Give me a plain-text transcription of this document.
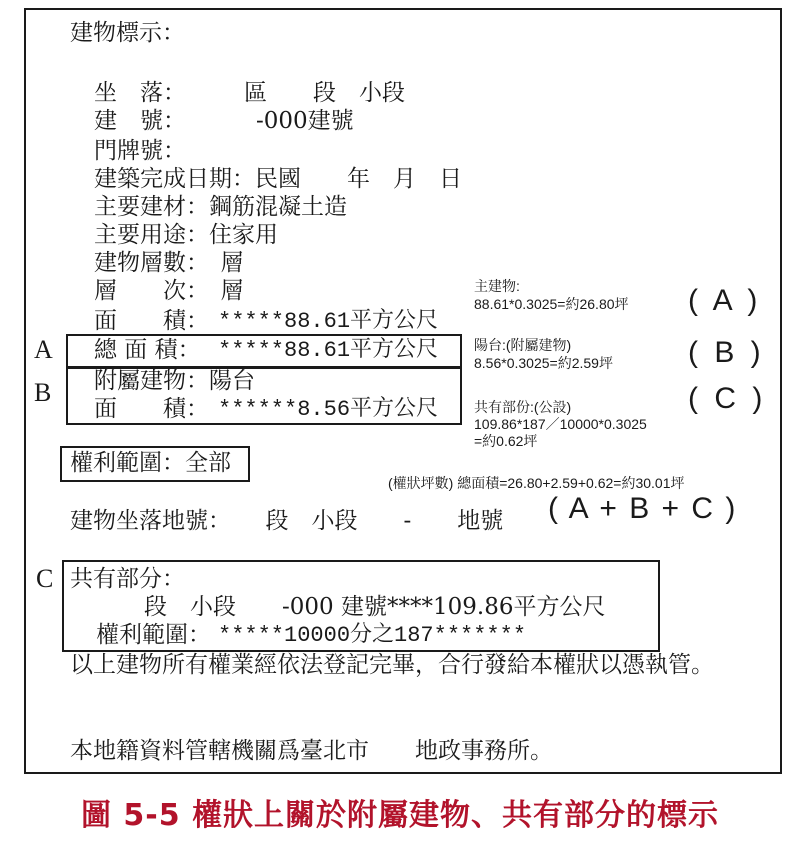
建物標示：
坐　落：	區　　段　小段
建　號：	-000建號
門牌號：
建築完成日期：民國　　年　月　日
主要建材：鋼筋混凝土造
主要用途：住家用
建物層數：　層
層　　次：　層
面　　積： *****88.61平方公尺
A 總 面 積： *****88.61平方公尺
B 附屬建物：陽台
面　　積： ******8.56平方公尺
權利範圍：全部
建物坐落地號：　　段　小段　　-　　地號
C 共有部分：
段　小段　　-000 建號****109.86平方公尺
權利範圍： *****10000分之187*******
以上建物所有權業經依法登記完畢，合行發給本權狀以憑執管。
本地籍資料管轄機關爲臺北市　　地政事務所。
主建物:
88.61*0.3025=約26.80坪 ( A )
陽台:(附屬建物)
8.56*0.3025=約2.59坪	( B )
共有部份:(公設)
109.86*187／10000*0.3025
=約0.62坪
( C )
(權狀坪數) 總面積=26.80+2.59+0.62=約30.01坪
( A + B + C )
圖 5-5 權狀上關於附屬建物、共有部分的標示
